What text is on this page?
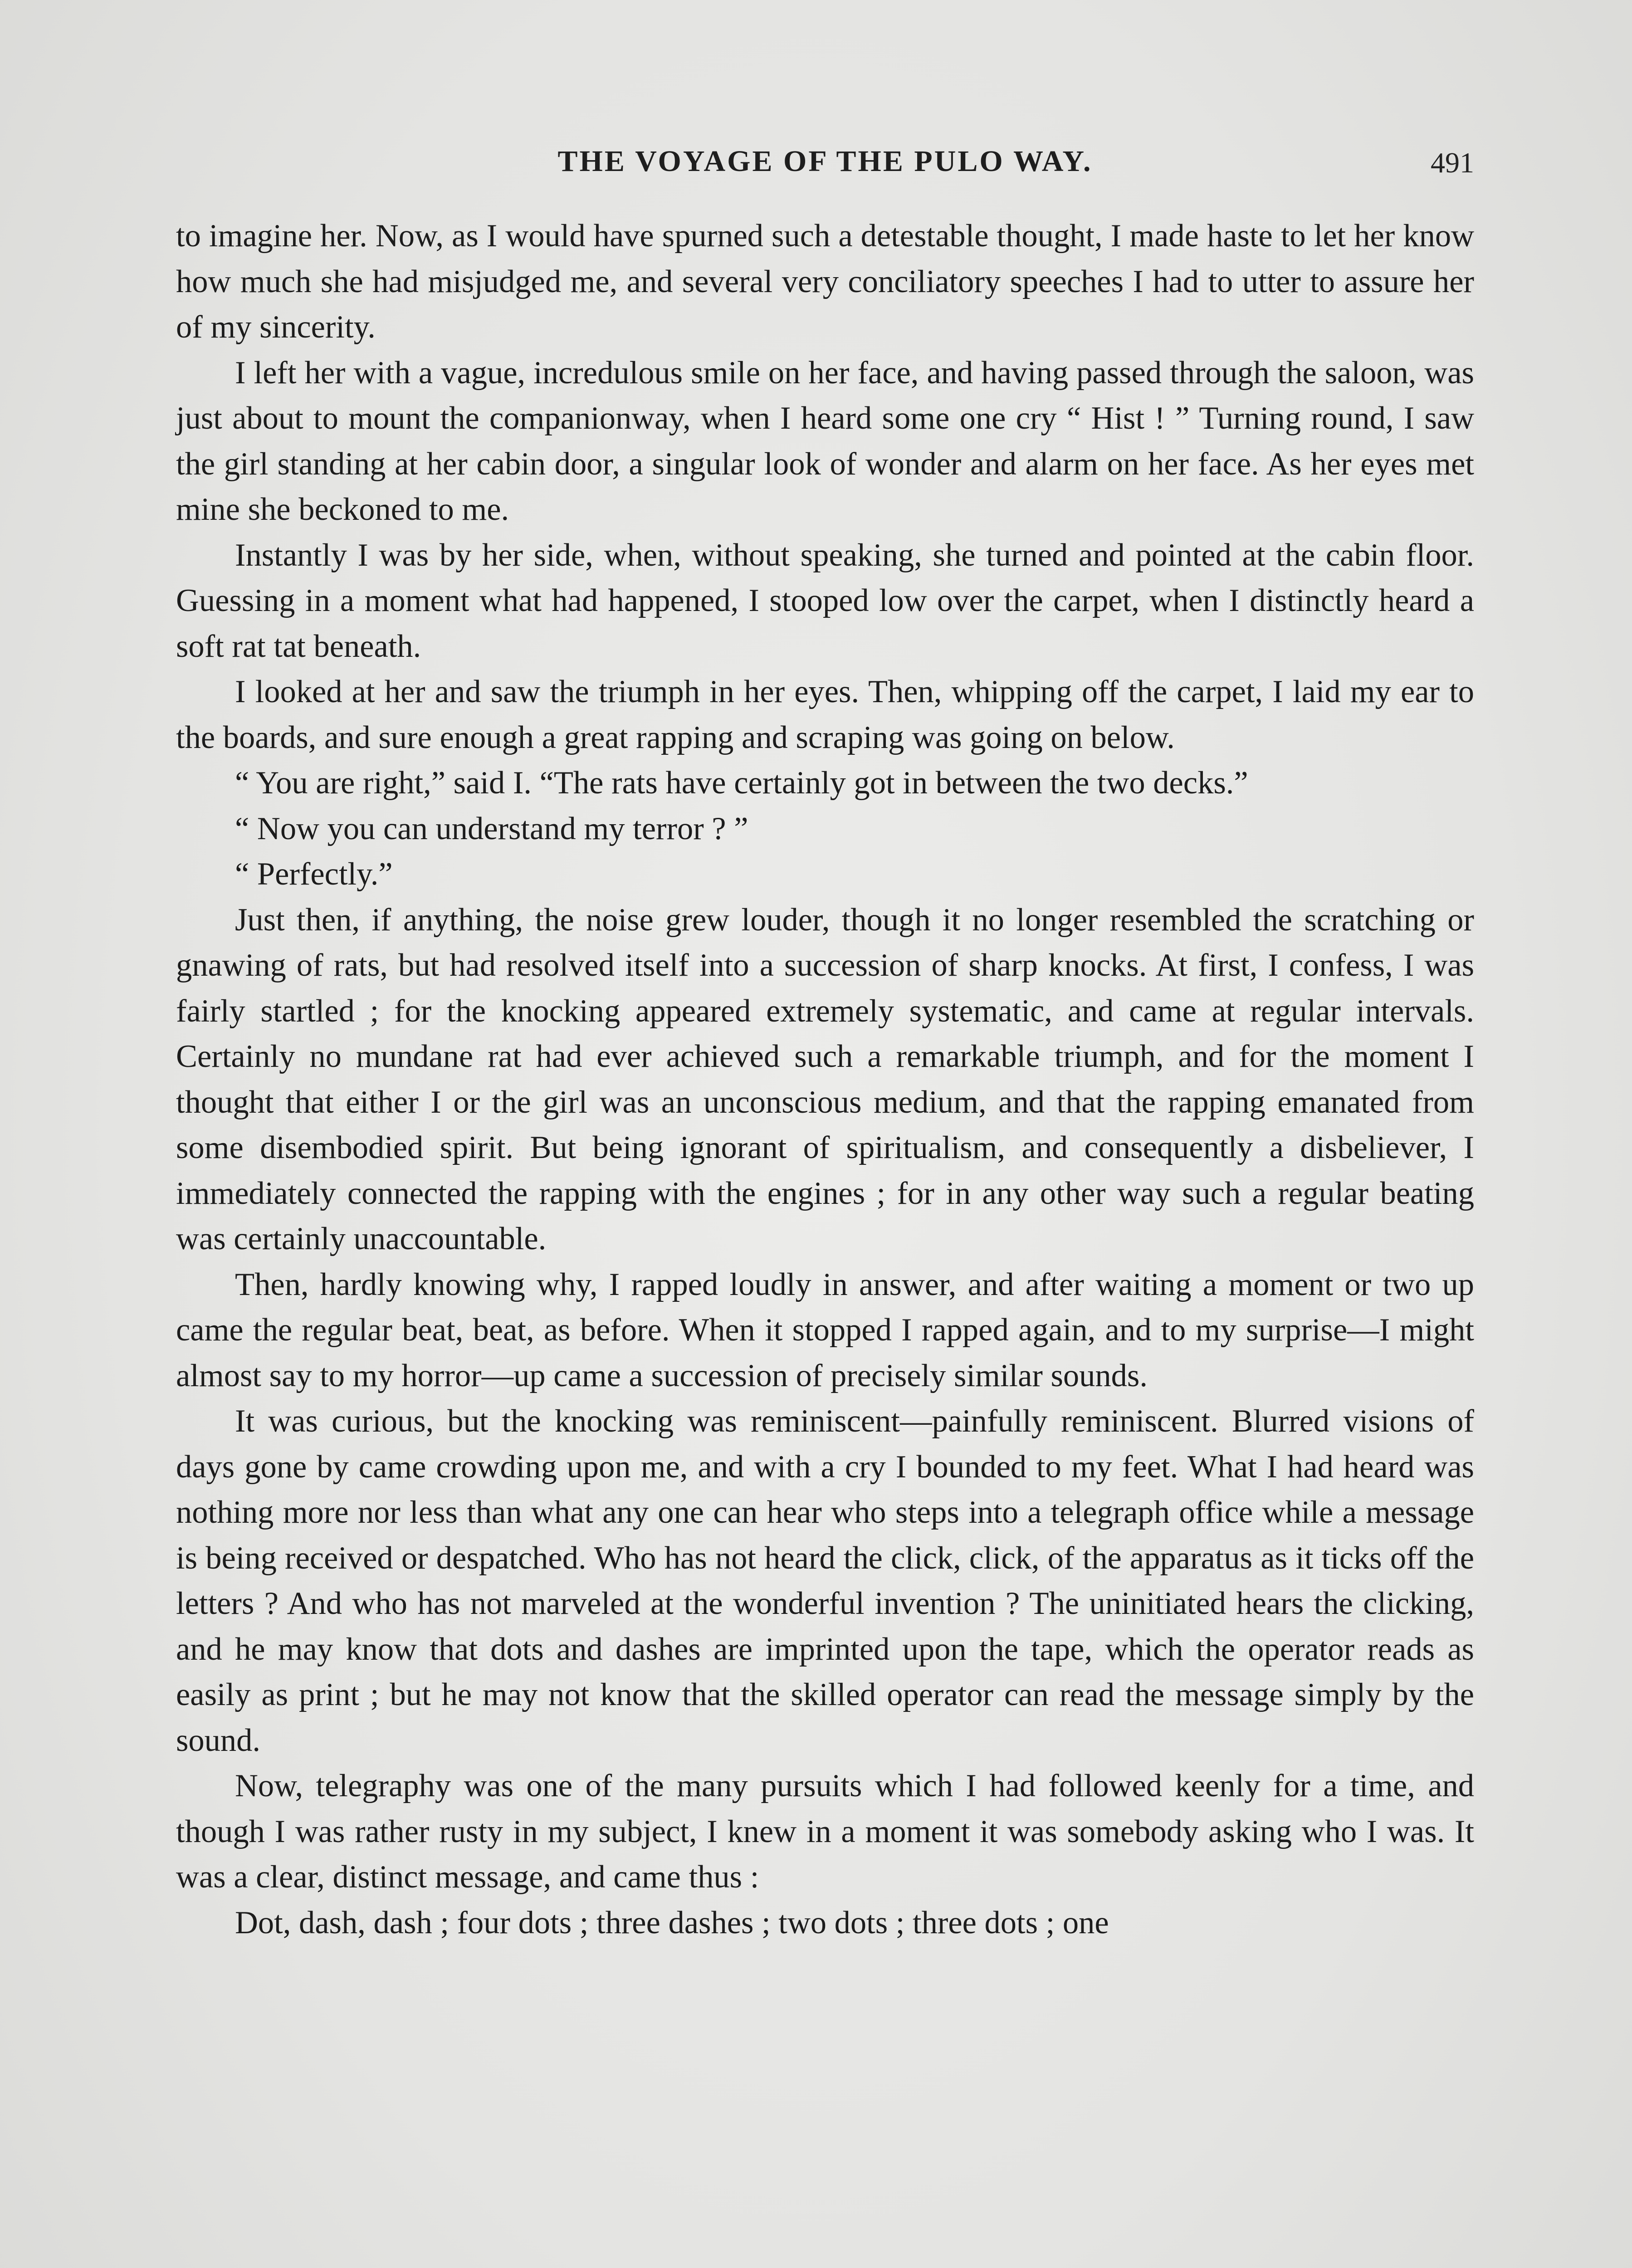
THE VOYAGE OF THE PULO WAY.	491

to imagine her. Now, as I would have spurned such a detestable thought, I made haste to let her know how much she had misjudged me, and several very conciliatory speeches I had to utter to assure her of my sincerity.

I left her with a vague, incredulous smile on her face, and having passed through the saloon, was just about to mount the companionway, when I heard some one cry “ Hist ! ” Turning round, I saw the girl standing at her cabin door, a singular look of wonder and alarm on her face. As her eyes met mine she beckoned to me.

Instantly I was by her side, when, without speaking, she turned and pointed at the cabin floor. Guessing in a moment what had happened, I stooped low over the carpet, when I distinctly heard a soft rat tat beneath.

I looked at her and saw the triumph in her eyes. Then, whipping off the carpet, I laid my ear to the boards, and sure enough a great rapping and scraping was going on below.

“ You are right,” said I. “The rats have certainly got in between the two decks.”

“ Now you can understand my terror ? ”

“ Perfectly.”

Just then, if anything, the noise grew louder, though it no longer resembled the scratching or gnawing of rats, but had resolved itself into a succession of sharp knocks. At first, I confess, I was fairly startled ; for the knocking appeared extremely systematic, and came at regular intervals. Certainly no mundane rat had ever achieved such a remarkable triumph, and for the moment I thought that either I or the girl was an unconscious medium, and that the rapping emanated from some disembodied spirit. But being ignorant of spiritualism, and consequently a disbeliever, I immediately connected the rapping with the engines ; for in any other way such a regular beating was certainly unaccountable.

Then, hardly knowing why, I rapped loudly in answer, and after waiting a moment or two up came the regular beat, beat, as before. When it stopped I rapped again, and to my surprise—I might almost say to my horror—up came a succession of precisely similar sounds.

It was curious, but the knocking was reminiscent—painfully reminiscent. Blurred visions of days gone by came crowding upon me, and with a cry I bounded to my feet. What I had heard was nothing more nor less than what any one can hear who steps into a telegraph office while a message is being received or despatched. Who has not heard the click, click, of the apparatus as it ticks off the letters ? And who has not marveled at the wonderful invention ? The uninitiated hears the clicking, and he may know that dots and dashes are imprinted upon the tape, which the operator reads as easily as print ; but he may not know that the skilled operator can read the message simply by the sound.

Now, telegraphy was one of the many pursuits which I had followed keenly for a time, and though I was rather rusty in my subject, I knew in a moment it was somebody asking who I was. It was a clear, distinct message, and came thus :

Dot, dash, dash ; four dots ; three dashes ; two dots ; three dots ; one
